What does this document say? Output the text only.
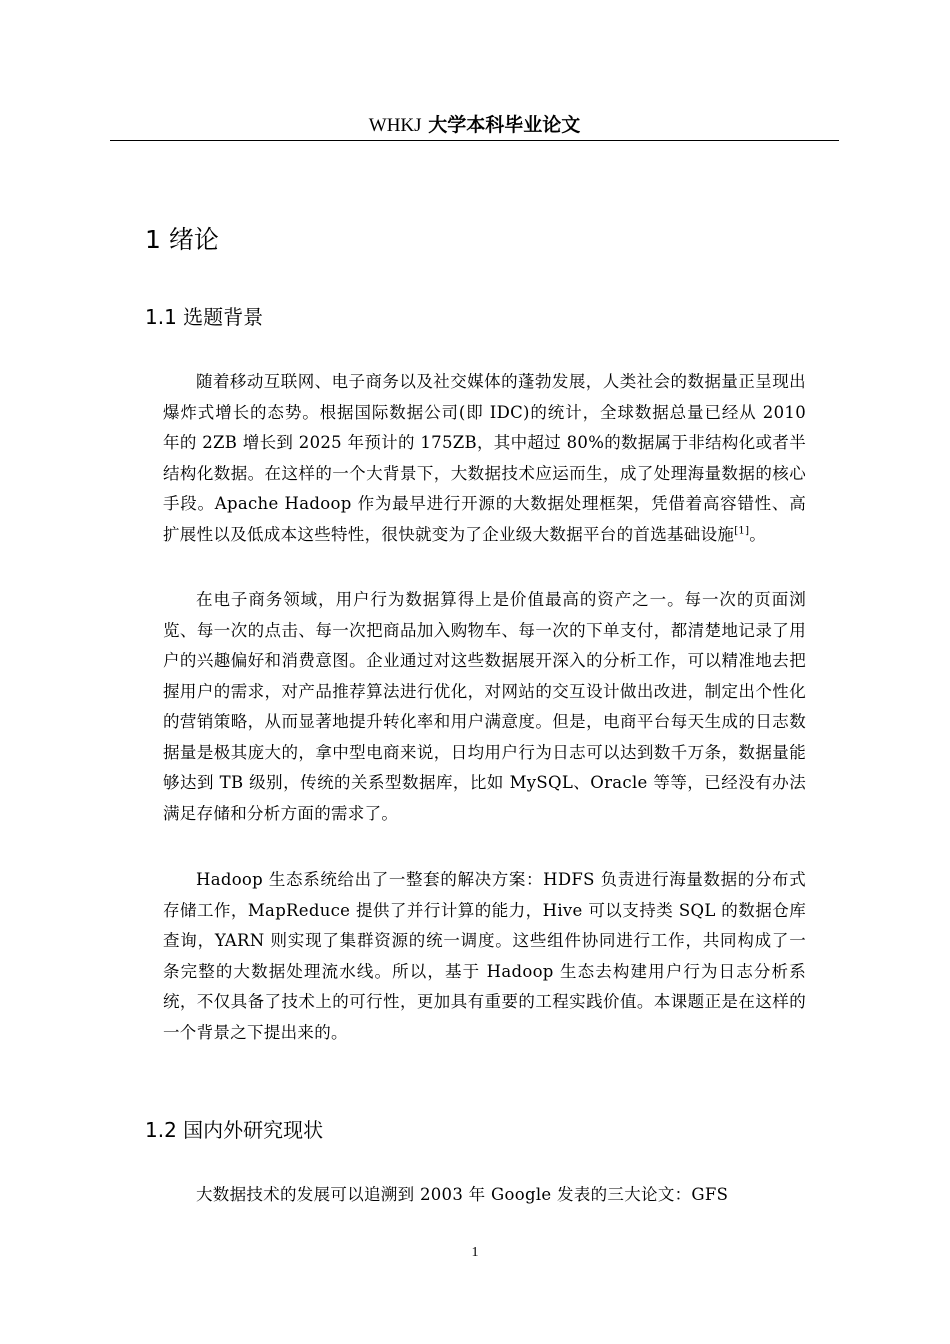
WHKJ 大学本科毕业论文
1 绪论
1.1 选题背景

随着移动互联网、电子商务以及社交媒体的蓬勃发展，人类社会的数据量正呈现出爆炸式增长的态势。根据国际数据公司(即 IDC)的统计，全球数据总量已经从 2010 年的 2ZB 增长到 2025 年预计的 175ZB，其中超过 80%的数据属于非结构化或者半结构化数据。在这样的一个大背景下，大数据技术应运而生，成了处理海量数据的核心手段。Apache Hadoop 作为最早进行开源的大数据处理框架，凭借着高容错性、高扩展性以及低成本这些特性，很快就变为了企业级大数据平台的首选基础设施[1]。

在电子商务领域，用户行为数据算得上是价值最高的资产之一。每一次的页面浏览、每一次的点击、每一次把商品加入购物车、每一次的下单支付，都清楚地记录了用户的兴趣偏好和消费意图。企业通过对这些数据展开深入的分析工作，可以精准地去把握用户的需求，对产品推荐算法进行优化，对网站的交互设计做出改进，制定出个性化的营销策略，从而显著地提升转化率和用户满意度。但是，电商平台每天生成的日志数据量是极其庞大的，拿中型电商来说，日均用户行为日志可以达到数千万条，数据量能够达到 TB 级别，传统的关系型数据库，比如 MySQL、Oracle 等等，已经没有办法满足存储和分析方面的需求了。

Hadoop 生态系统给出了一整套的解决方案：HDFS 负责进行海量数据的分布式存储工作，MapReduce 提供了并行计算的能力，Hive 可以支持类 SQL 的数据仓库查询，YARN 则实现了集群资源的统一调度。这些组件协同进行工作，共同构成了一条完整的大数据处理流水线。所以，基于 Hadoop 生态去构建用户行为日志分析系统，不仅具备了技术上的可行性，更加具有重要的工程实践价值。本课题正是在这样的一个背景之下提出来的。

1.2 国内外研究现状

大数据技术的发展可以追溯到 2003 年 Google 发表的三大论文：GFS

1
